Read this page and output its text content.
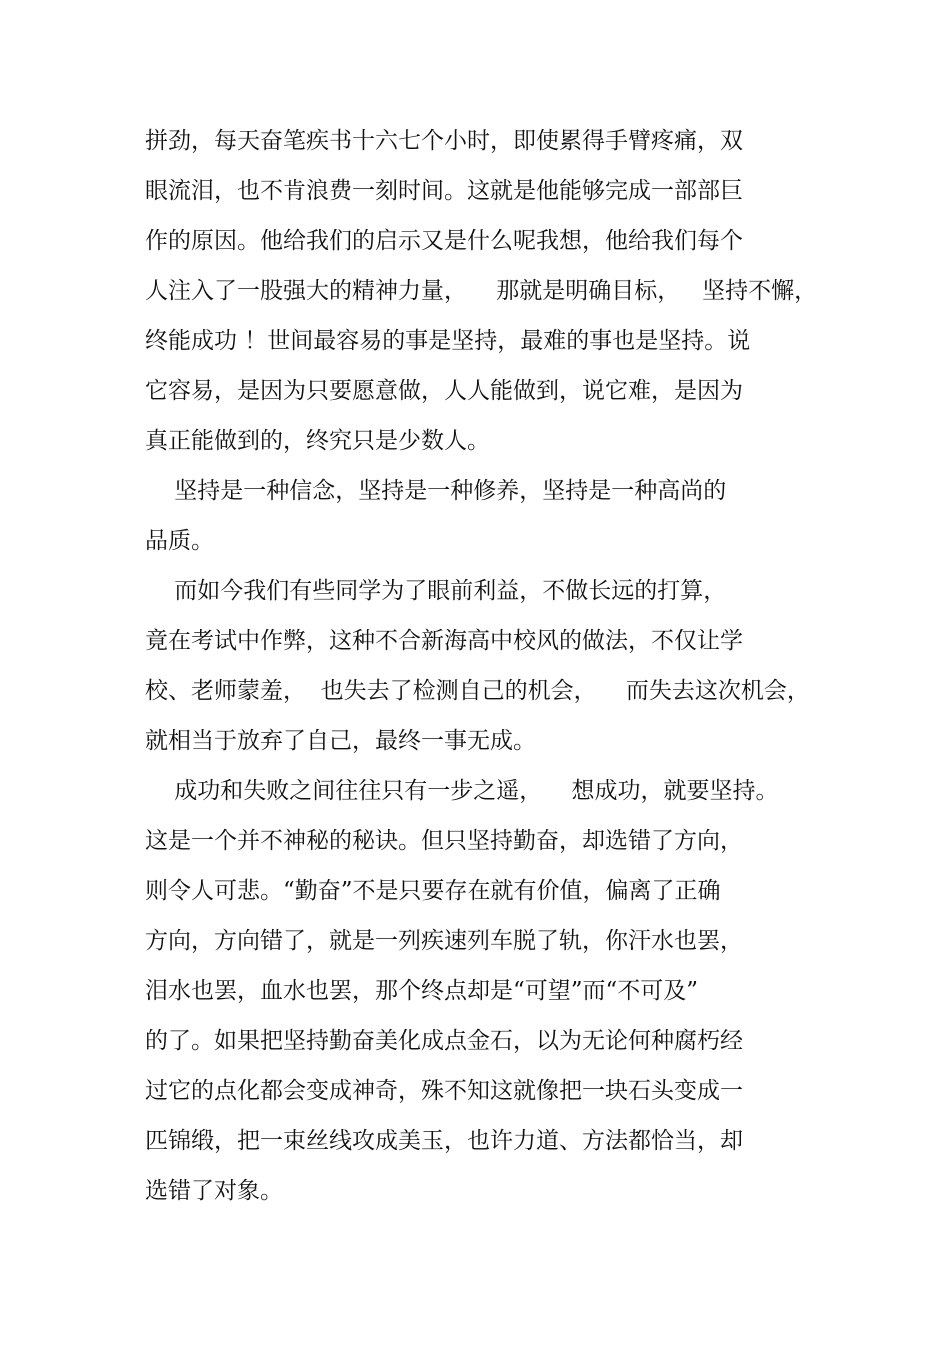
拼劲，每天奋笔疾书十六七个小时，即使累得手臂疼痛，双
眼流泪，也不肯浪费一刻时间。这就是他能够完成一部部巨
作的原因。他给我们的启示又是什么呢我想，他给我们每个
人注入了一股强大的精神力量，    那就是明确目标，   坚持不懈，
终能成功 ！世间最容易的事是坚持，最难的事也是坚持。说
它容易，是因为只要愿意做，人人能做到，说它难，是因为
真正能做到的，终究只是少数人。
坚持是一种信念，坚持是一种修养，坚持是一种高尚的
品质。
而如今我们有些同学为了眼前利益，不做长远的打算，
竟在考试中作弊，这种不合新海高中校风的做法，不仅让学
校、老师蒙羞，  也失去了检测自己的机会，    而失去这次机会，
就相当于放弃了自己，最终一事无成。
成功和失败之间往往只有一步之遥，    想成功，就要坚持。
这是一个并不神秘的秘诀。但只坚持勤奋，却选错了方向，
则令人可悲。“勤奋”不是只要存在就有价值，偏离了正确
方向，方向错了，就是一列疾速列车脱了轨，你汗水也罢，
泪水也罢，血水也罢，那个终点却是“可望”而“不可及”
的了。如果把坚持勤奋美化成点金石，以为无论何种腐朽经
过它的点化都会变成神奇，殊不知这就像把一块石头变成一
匹锦缎，把一束丝线攻成美玉，也许力道、方法都恰当，却
选错了对象。
